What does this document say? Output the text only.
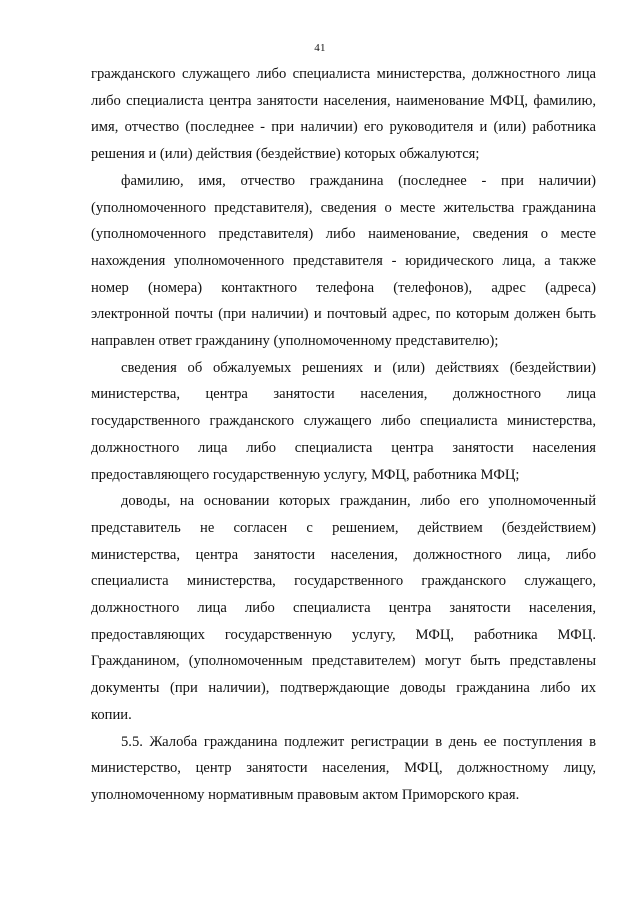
41

гражданского служащего либо специалиста министерства, должностного лица
либо специалиста центра занятости населения, наименование МФЦ, фамилию,
имя, отчество (последнее - при наличии) его руководителя и (или) работника
решения и (или) действия (бездействие) которых обжалуются;

фамилию, имя, отчество гражданина (последнее - при наличии)
(уполномоченного представителя), сведения о месте жительства гражданина
(уполномоченного представителя) либо наименование, сведения о месте
нахождения уполномоченного представителя - юридического лица, а также
номер (номера) контактного телефона (телефонов), адрес (адреса)
электронной почты (при наличии) и почтовый адрес, по которым должен быть
направлен ответ гражданину (уполномоченному представителю);

сведения об обжалуемых решениях и (или) действиях (бездействии)
министерства, центра занятости населения, должностного лица
государственного гражданского служащего либо специалиста министерства,
должностного лица либо специалиста центра занятости населения
предоставляющего государственную услугу, МФЦ, работника МФЦ;

доводы, на основании которых гражданин, либо его уполномоченный
представитель не согласен с решением, действием (бездействием)
министерства, центра занятости населения, должностного лица, либо
специалиста министерства, государственного гражданского служащего,
должностного лица либо специалиста центра занятости населения,
предоставляющих государственную услугу, МФЦ, работника МФЦ.
Гражданином, (уполномоченным представителем) могут быть представлены
документы (при наличии), подтверждающие доводы гражданина либо их
копии.

5.5. Жалоба гражданина подлежит регистрации в день ее поступления в
министерство, центр занятости населения, МФЦ, должностному лицу,
уполномоченному нормативным правовым актом Приморского края.
